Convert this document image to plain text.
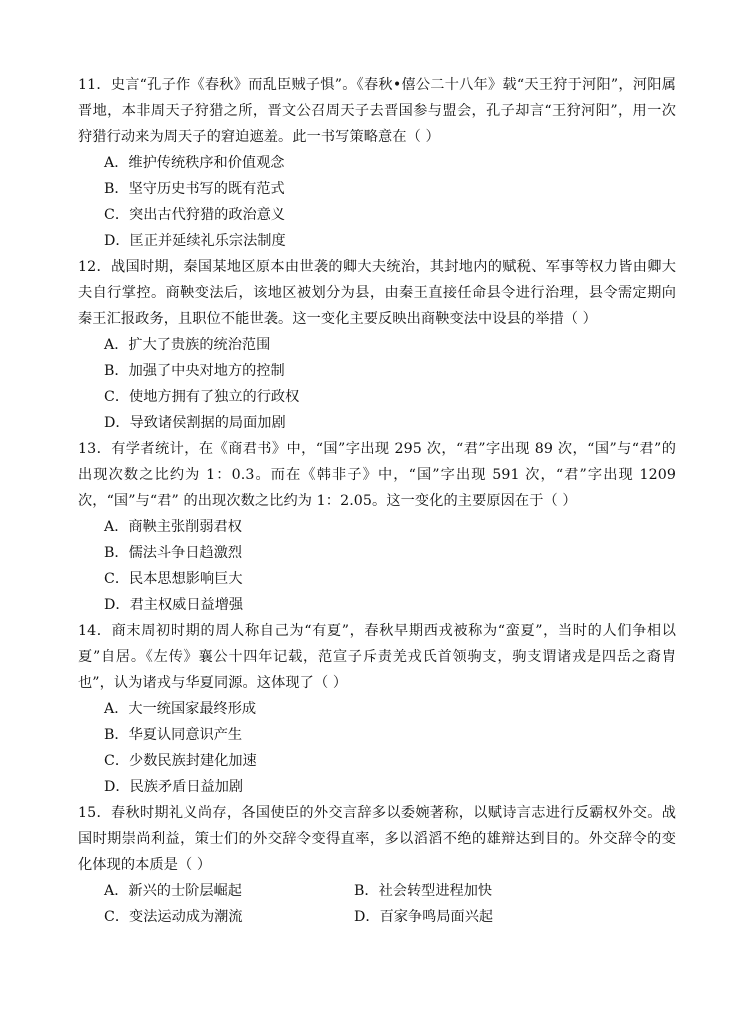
11．史言“孔子作《春秋》而乱臣贼子惧”。《春秋•僖公二十八年》载“天王狩于河阳”，河阳属晋地，本非周天子狩猎之所，晋文公召周天子去晋国参与盟会，孔子却言“王狩河阳”，用一次狩猎行动来为周天子的窘迫遮羞。此一书写策略意在（ ）

A．维护传统秩序和价值观念

B．坚守历史书写的既有范式

C．突出古代狩猎的政治意义

D．匡正并延续礼乐宗法制度

12．战国时期，秦国某地区原本由世袭的卿大夫统治，其封地内的赋税、军事等权力皆由卿大夫自行掌控。商鞅变法后，该地区被划分为县，由秦王直接任命县令进行治理，县令需定期向秦王汇报政务，且职位不能世袭。这一变化主要反映出商鞅变法中设县的举措（ ）

A．扩大了贵族的统治范围

B．加强了中央对地方的控制

C．使地方拥有了独立的行政权

D．导致诸侯割据的局面加剧

13．有学者统计，在《商君书》中，“国”字出现 295 次，“君”字出现 89 次，“国”与“君”的出现次数之比约为 1：0.3。而在《韩非子》中，“国”字出现 591 次，“君”字出现 1209 次，“国”与“君” 的出现次数之比约为 1：2.05。这一变化的主要原因在于（ ）

A．商鞅主张削弱君权

B．儒法斗争日趋激烈

C．民本思想影响巨大

D．君主权威日益增强

14．商末周初时期的周人称自己为“有夏”，春秋早期西戎被称为“蛮夏”，当时的人们争相以夏”自居。《左传》襄公十四年记载，范宣子斥责羌戎氏首领驹支，驹支谓诸戎是四岳之裔胄也”，认为诸戎与华夏同源。这体现了（ ）

A．大一统国家最终形成

B．华夏认同意识产生

C．少数民族封建化加速

D．民族矛盾日益加剧

15．春秋时期礼义尚存，各国使臣的外交言辞多以委婉著称，以赋诗言志进行反霸权外交。战国时期崇尚利益，策士们的外交辞令变得直率，多以滔滔不绝的雄辩达到目的。外交辞令的变化体现的本质是（ ）

A．新兴的士阶层崛起	B．社会转型进程加快
C．变法运动成为潮流	D．百家争鸣局面兴起
